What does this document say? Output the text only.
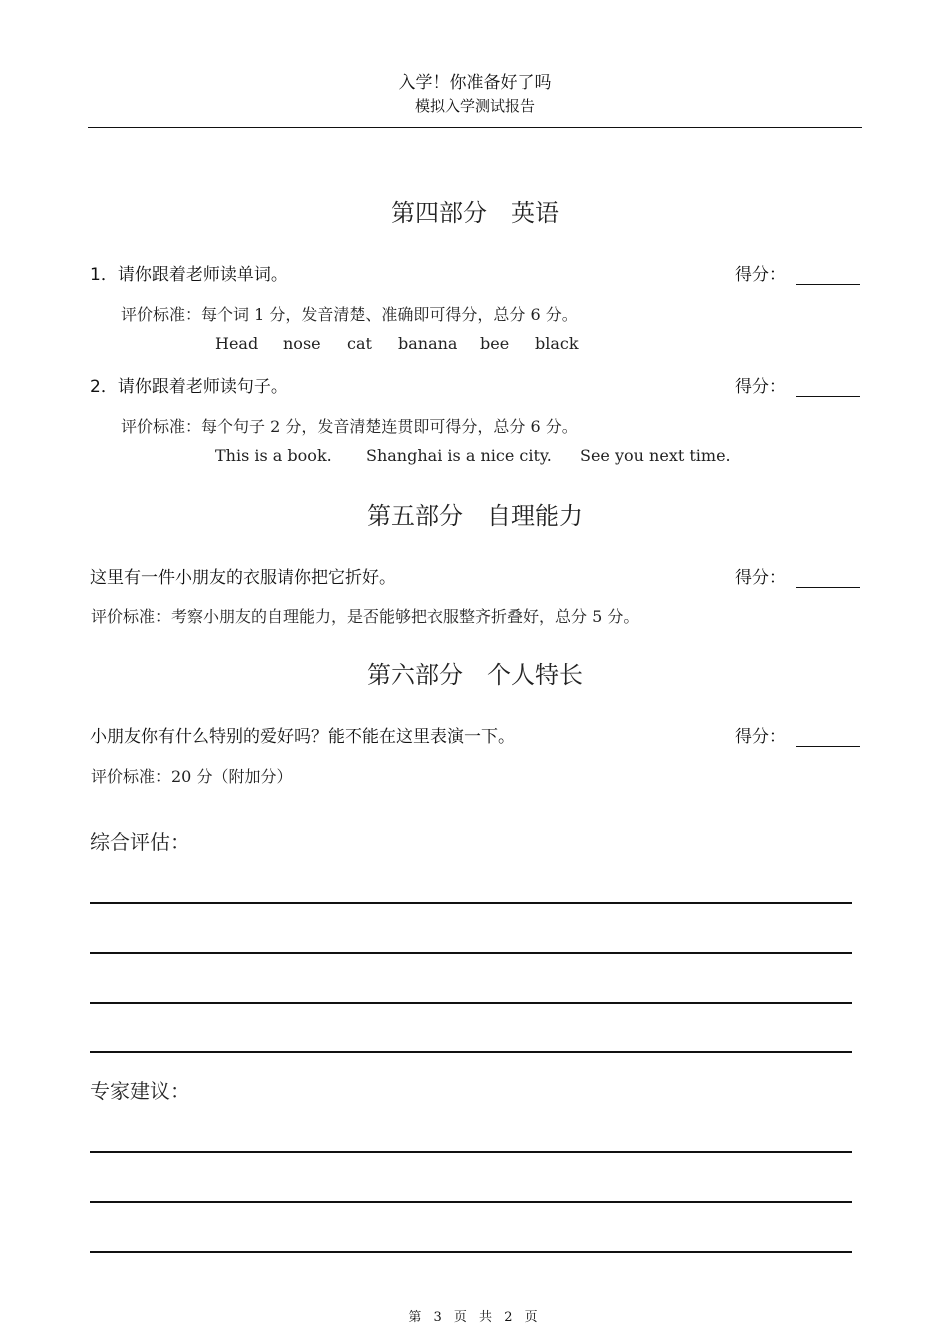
入学！你准备好了吗
模拟入学测试报告
第四部分　英语
1．请你跟着老师读单词。	得分：
评价标准：每个词 1 分，发音清楚、准确即可得分，总分 6 分。
Head nose cat banana bee black
2．请你跟着老师读句子。	得分：
评价标准：每个句子 2 分，发音清楚连贯即可得分，总分 6 分。
This is a book. Shanghai is a nice city. See you next time.
第五部分　自理能力
这里有一件小朋友的衣服请你把它折好。	得分：
评价标准：考察小朋友的自理能力，是否能够把衣服整齐折叠好，总分 5 分。
第六部分　个人特长
小朋友你有什么特别的爱好吗？能不能在这里表演一下。	得分：
评价标准：20 分（附加分）
综合评估：
专家建议：
第 3 页 共 2 页
